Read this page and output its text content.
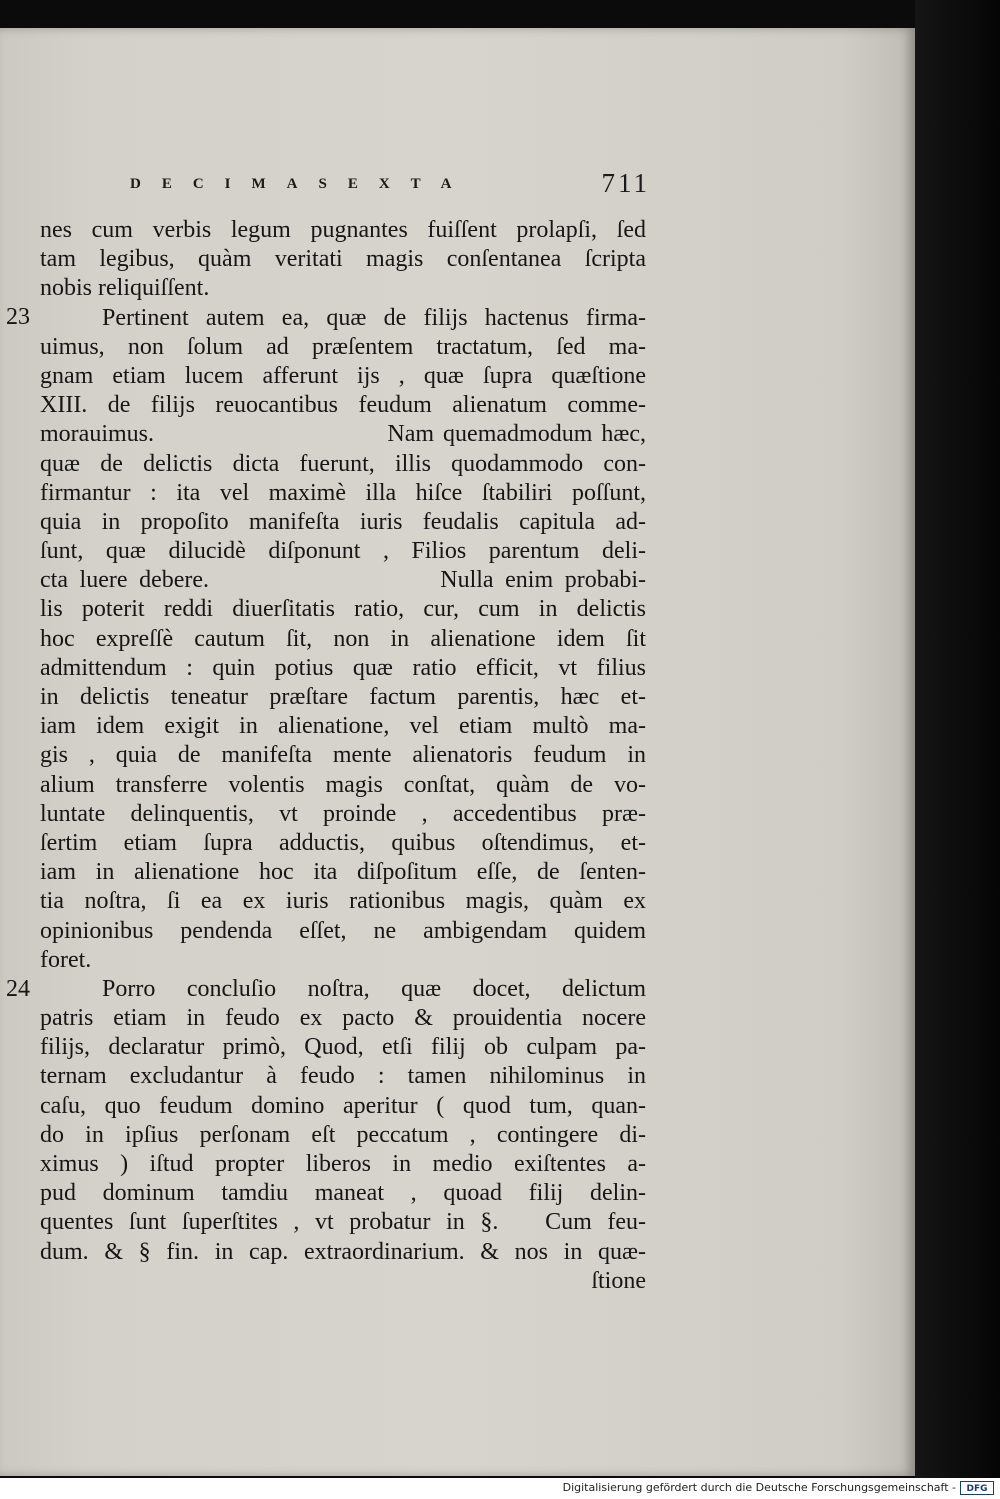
DECIMASEXTA	711
23
24
nes cum verbis legum pugnantes fuiſſent prolapſi, ſed
tam legibus, quàm veritati magis conſentanea ſcripta
nobis reliquiſſent.
Pertinent autem ea, quæ de filijs hactenus firma-
uimus, non ſolum ad præſentem tractatum, ſed ma-
gnam etiam lucem afferunt ijs , quæ ſupra quæſtione
XIII. de filijs reuocantibus feudum alienatum comme-
morauimus.                          Nam quemadmodum hæc,
quæ de delictis dicta fuerunt, illis quodammodo con-
firmantur : ita vel maximè illa hiſce ſtabiliri poſſunt,
quia in propoſito manifeſta iuris feudalis capitula ad-
ſunt, quæ dilucidè diſponunt , Filios parentum deli-
cta luere debere.                    Nulla enim probabi-
lis poterit reddi diuerſitatis ratio, cur, cum in delictis
hoc expreſſè cautum ſit, non in alienatione idem ſit
admittendum : quin potius quæ ratio efficit, vt filius
in delictis teneatur præſtare factum parentis, hæc et-
iam idem exigit in alienatione, vel etiam multò ma-
gis , quia de manifeſta mente alienatoris feudum in
alium transferre volentis magis conſtat, quàm de vo-
luntate delinquentis, vt proinde , accedentibus præ-
ſertim etiam ſupra adductis, quibus oſtendimus, et-
iam in alienatione hoc ita diſpoſitum eſſe, de ſenten-
tia noſtra, ſi ea ex iuris rationibus magis, quàm ex
opinionibus pendenda eſſet, ne ambigendam quidem
foret.
Porro concluſio noſtra, quæ docet, delictum
patris etiam in feudo ex pacto & prouidentia nocere
filijs, declaratur primò, Quod, etſi filij ob culpam pa-
ternam excludantur à feudo : tamen nihilominus in
caſu, quo feudum domino aperitur ( quod tum, quan-
do in ipſius perſonam eſt peccatum , contingere di-
ximus ) iſtud propter liberos in medio exiſtentes a-
pud dominum tamdiu maneat , quoad filij delin-
quentes ſunt ſuperſtites , vt probatur in §.   Cum feu-
dum. & § fin. in cap. extraordinarium. & nos in quæ-
ſtione
Digitalisierung gefördert durch die Deutsche Forschungsgemeinschaft -	DFG
